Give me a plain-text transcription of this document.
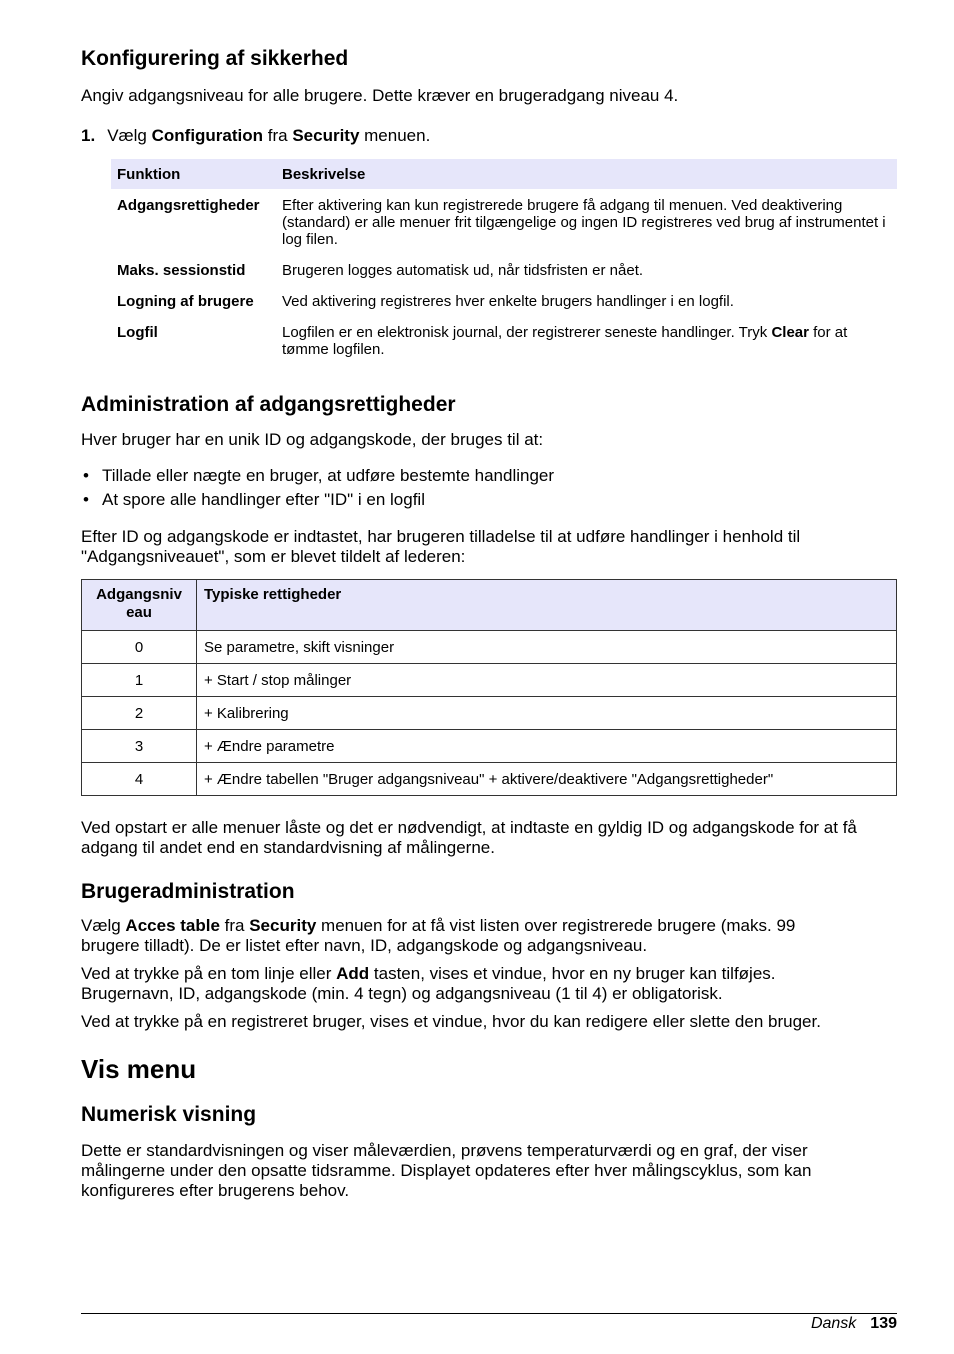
Konfigurering af sikkerhed

Angiv adgangsniveau for alle brugere. Dette kræver en brugeradgang niveau 4.

1. Vælg Configuration fra Security menuen.

Funktion	Beskrivelse
Adgangsrettigheder	Efter aktivering kan kun registrerede brugere få adgang til menuen. Ved deaktivering (standard) er alle menuer frit tilgængelige og ingen ID registreres ved brug af instrumentet i log filen.
Maks. sessionstid	Brugeren logges automatisk ud, når tidsfristen er nået.
Logning af brugere	Ved aktivering registreres hver enkelte brugers handlinger i en logfil.
Logfil	Logfilen er en elektronisk journal, der registrerer seneste handlinger. Tryk Clear for at tømme logfilen.
Administration af adgangsrettigheder

Hver bruger har en unik ID og adgangskode, der bruges til at:

• Tillade eller nægte en bruger, at udføre bestemte handlinger
• At spore alle handlinger efter "ID" i en logfil

Efter ID og adgangskode er indtastet, har brugeren tilladelse til at udføre handlinger i henhold til "Adgangsniveauet", som er blevet tildelt af lederen:

Adgangsniv eau	Typiske rettigheder
0	Se parametre, skift visninger
1	+ Start / stop målinger
2	+ Kalibrering
3	+ Ændre parametre
4	+ Ændre tabellen "Bruger adgangsniveau" + aktivere/deaktivere "Adgangsrettigheder"

Ved opstart er alle menuer låste og det er nødvendigt, at indtaste en gyldig ID og adgangskode for at få adgang til andet end en standardvisning af målingerne.

Brugeradministration

Vælg Acces table fra Security menuen for at få vist listen over registrerede brugere (maks. 99 brugere tilladt). De er listet efter navn, ID, adgangskode og adgangsniveau.

Ved at trykke på en tom linje eller Add tasten, vises et vindue, hvor en ny bruger kan tilføjes. Brugernavn, ID, adgangskode (min. 4 tegn) og adgangsniveau (1 til 4) er obligatorisk.

Ved at trykke på en registreret bruger, vises et vindue, hvor du kan redigere eller slette den bruger.

Vis menu
Numerisk visning

Dette er standardvisningen og viser måleværdien, prøvens temperaturværdi og en graf, der viser målingerne under den opsatte tidsramme. Displayet opdateres efter hver målingscyklus, som kan konfigureres efter brugerens behov.

Dansk 139
